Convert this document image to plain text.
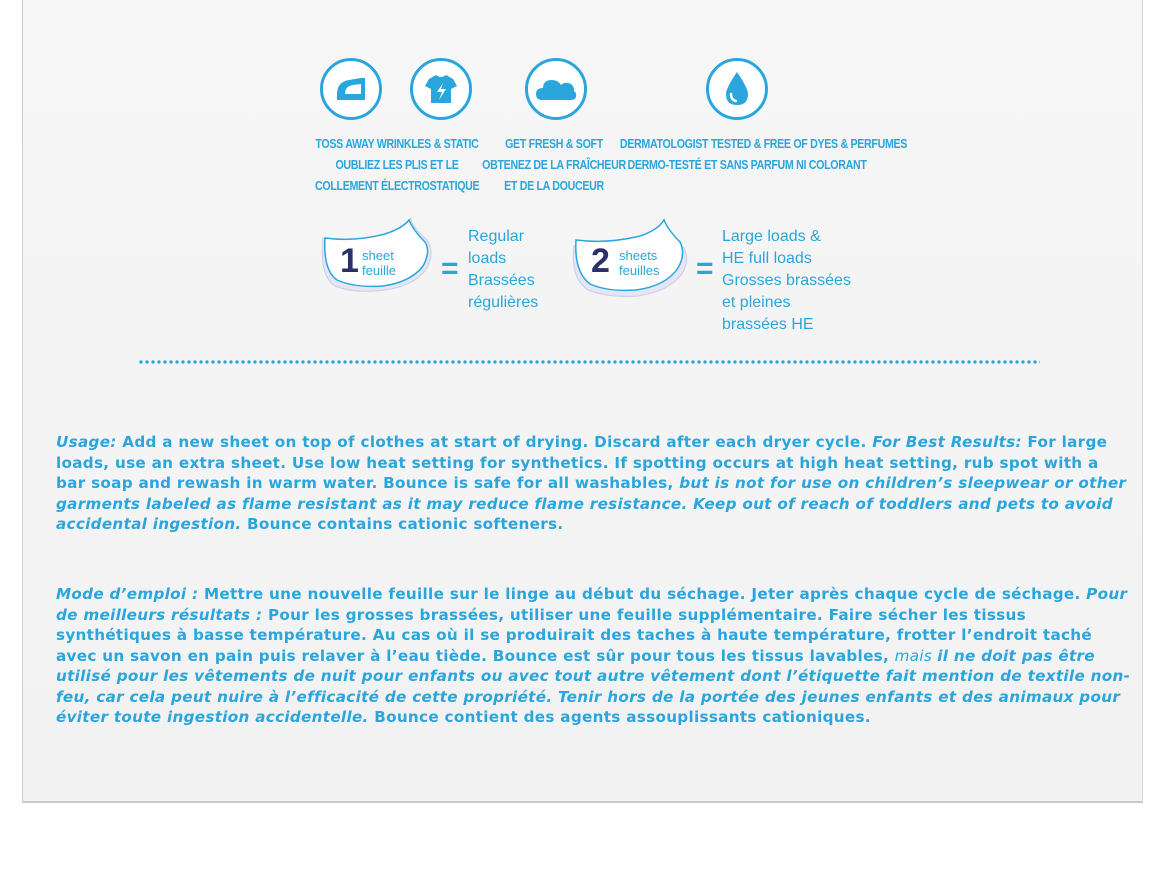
TOSS AWAY WRINKLES & STATIC
OUBLIEZ LES PLIS ET LE
COLLEMENT ÉLECTROSTATIQUE
GET FRESH & SOFT
OBTENEZ DE LA FRAÎCHEUR
ET DE LA DOUCEUR
DERMATOLOGIST TESTED & FREE OF DYES & PERFUMES
DERMO-TESTÉ ET SANS PARFUM NI COLORANT
1 sheet
feuille =
Regular
loads
Brassées
régulières
2 sheets
feuilles =
Large loads &
HE full loads
Grosses brassées
et pleines
brassées HE
Usage: Add a new sheet on top of clothes at start of drying. Discard after each dryer cycle. For Best Results: For large loads, use an extra sheet. Use low heat setting for synthetics. If spotting occurs at high heat setting, rub spot with a bar soap and rewash in warm water. Bounce is safe for all washables, but is not for use on children’s sleepwear or other garments labeled as flame resistant as it may reduce flame resistance. Keep out of reach of toddlers and pets to avoid accidental ingestion. Bounce contains cationic softeners.
Mode d’emploi : Mettre une nouvelle feuille sur le linge au début du séchage. Jeter après chaque cycle de séchage. Pour de meilleurs résultats : Pour les grosses brassées, utiliser une feuille supplémentaire. Faire sécher les tissus synthétiques à basse température. Au cas où il se produirait des taches à haute température, frotter l’endroit taché avec un savon en pain puis relaver à l’eau tiède. Bounce est sûr pour tous les tissus lavables, mais il ne doit pas être utilisé pour les vêtements de nuit pour enfants ou avec tout autre vêtement dont l’étiquette fait mention de textile non-feu, car cela peut nuire à l’efficacité de cette propriété. Tenir hors de la portée des jeunes enfants et des animaux pour éviter toute ingestion accidentelle. Bounce contient des agents assouplissants cationiques.
